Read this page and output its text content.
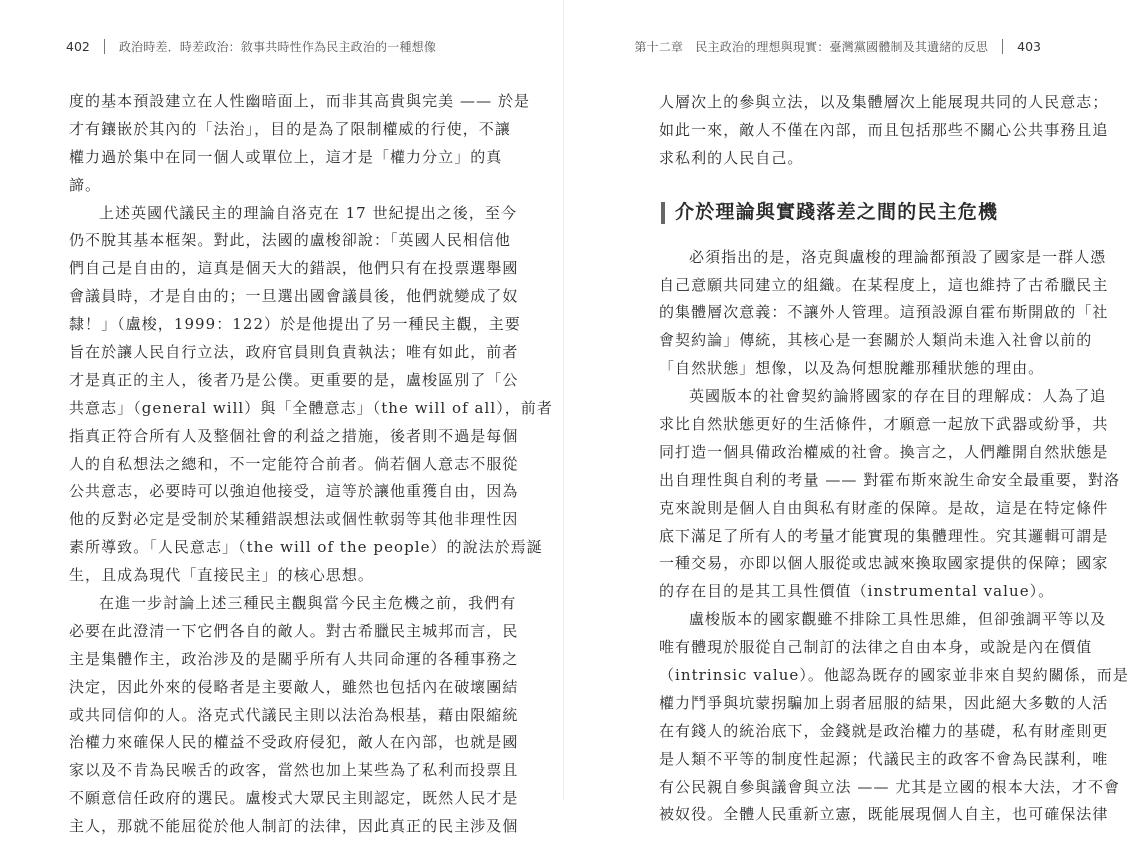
402 政治時差．時差政治：敘事共時性作為民主政治的一種想像
度的基本預設建立在人性幽暗面上，而非其高貴與完美 —— 於是
才有鑲嵌於其內的「法治」，目的是為了限制權威的行使，不讓
權力過於集中在同一個人或單位上，這才是「權力分立」的真
諦。
上述英國代議民主的理論自洛克在 17 世紀提出之後，至今
仍不脫其基本框架。對此，法國的盧梭卻說：「英國人民相信他
們自己是自由的，這真是個天大的錯誤，他們只有在投票選舉國
會議員時，才是自由的；一旦選出國會議員後，他們就變成了奴
隸！」（盧梭，1999：122）於是他提出了另一種民主觀，主要
旨在於讓人民自行立法，政府官員則負責執法；唯有如此，前者
才是真正的主人，後者乃是公僕。更重要的是，盧梭區別了「公
共意志」（general will）與「全體意志」（the will of all），前者
指真正符合所有人及整個社會的利益之措施，後者則不過是每個
人的自私想法之總和，不一定能符合前者。倘若個人意志不服從
公共意志，必要時可以強迫他接受，這等於讓他重獲自由，因為
他的反對必定是受制於某種錯誤想法或個性軟弱等其他非理性因
素所導致。「人民意志」（the will of the people）的說法於焉誕
生，且成為現代「直接民主」的核心思想。
在進一步討論上述三種民主觀與當今民主危機之前，我們有
必要在此澄清一下它們各自的敵人。對古希臘民主城邦而言，民
主是集體作主，政治涉及的是關乎所有人共同命運的各種事務之
決定，因此外來的侵略者是主要敵人，雖然也包括內在破壞團結
或共同信仰的人。洛克式代議民主則以法治為根基，藉由限縮統
治權力來確保人民的權益不受政府侵犯，敵人在內部，也就是國
家以及不肯為民喉舌的政客，當然也加上某些為了私利而投票且
不願意信任政府的選民。盧梭式大眾民主則認定，既然人民才是
主人，那就不能屈從於他人制訂的法律，因此真正的民主涉及個
第十二章　民主政治的理想與現實：臺灣黨國體制及其遺緒的反思 403
人層次上的參與立法，以及集體層次上能展現共同的人民意志；
如此一來，敵人不僅在內部，而且包括那些不關心公共事務且追
求私利的人民自己。
介於理論與實踐落差之間的民主危機
必須指出的是，洛克與盧梭的理論都預設了國家是一群人憑
自己意願共同建立的組織。在某程度上，這也維持了古希臘民主
的集體層次意義：不讓外人管理。這預設源自霍布斯開啟的「社
會契約論」傳統，其核心是一套關於人類尚未進入社會以前的
「自然狀態」想像，以及為何想脫離那種狀態的理由。
英國版本的社會契約論將國家的存在目的理解成：人為了追
求比自然狀態更好的生活條件，才願意一起放下武器或紛爭，共
同打造一個具備政治權威的社會。換言之，人們離開自然狀態是
出自理性與自利的考量 —— 對霍布斯來說生命安全最重要，對洛
克來說則是個人自由與私有財產的保障。是故，這是在特定條件
底下滿足了所有人的考量才能實現的集體理性。究其邏輯可謂是
一種交易，亦即以個人服從或忠誠來換取國家提供的保障；國家
的存在目的是其工具性價值（instrumental value）。
盧梭版本的國家觀雖不排除工具性思維，但卻強調平等以及
唯有體現於服從自己制訂的法律之自由本身，或說是內在價值
（intrinsic value）。他認為既存的國家並非來自契約關係，而是
權力鬥爭與坑蒙拐騙加上弱者屈服的結果，因此絕大多數的人活
在有錢人的統治底下，金錢就是政治權力的基礎，私有財產則更
是人類不平等的制度性起源；代議民主的政客不會為民謀利，唯
有公民親自參與議會與立法 —— 尤其是立國的根本大法，才不會
被奴役。全體人民重新立憲，既能展現個人自主，也可確保法律
